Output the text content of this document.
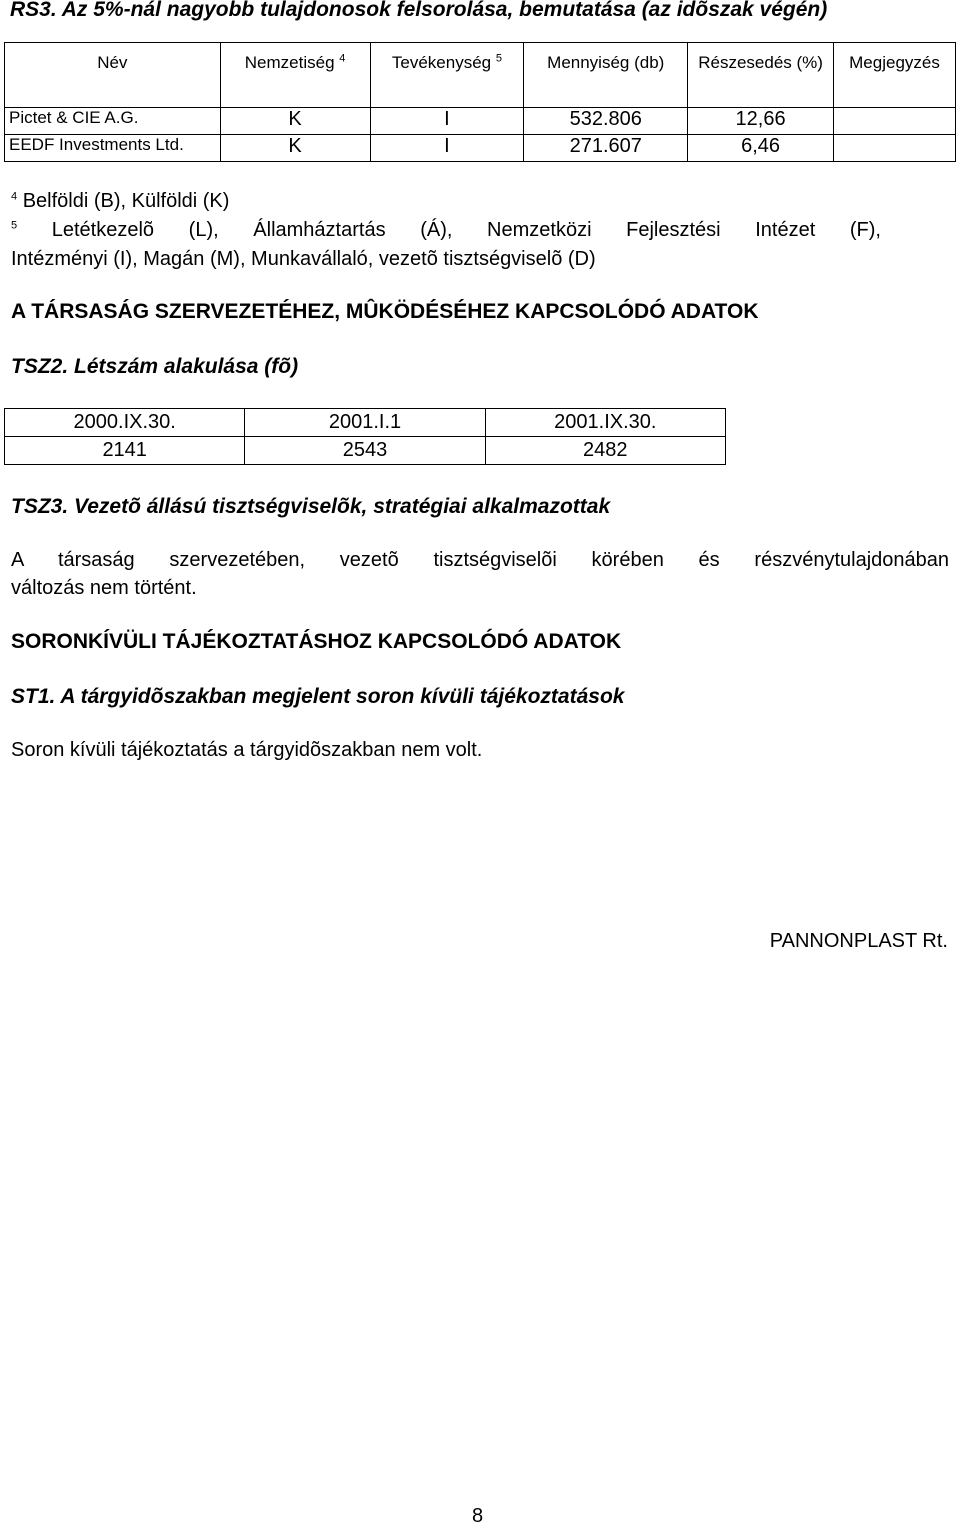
RS3. Az 5%-nál nagyobb tulajdonosok felsorolása, bemutatása (az idõszak végén)
Név	Nemzetiség $^4$	Tevékenység $^5$	Mennyiség (db)	Részesedés (%)	Megjegyzés
Pictet & CIE A.G.	K	I	532.806	12,66	
EEDF Investments Ltd.	K	I	271.607	6,46	
$^4$ Belföldi (B), Külföldi (K)
$^5$ Letétkezelõ (L), Államháztartás (Á), Nemzetközi Fejlesztési Intézet (F),
Intézményi (I), Magán (M), Munkavállaló, vezetõ tisztségviselõ (D)
A TÁRSASÁG SZERVEZETÉHEZ, MÛKÖDÉSÉHEZ KAPCSOLÓDÓ ADATOK
TSZ2. Létszám alakulása (fõ)
2000.IX.30.	2001.I.1	2001.IX.30.
2141	2543	2482
TSZ3. Vezetõ állású tisztségviselõk, stratégiai alkalmazottak
A társaság szervezetében, vezetõ tisztségviselõi körében és részvénytulajdonában
változás nem történt.
SORONKÍVÜLI TÁJÉKOZTATÁSHOZ KAPCSOLÓDÓ ADATOK
ST1. A tárgyidõszakban megjelent soron kívüli tájékoztatások
Soron kívüli tájékoztatás a tárgyidõszakban nem volt.
PANNONPLAST Rt.
8
